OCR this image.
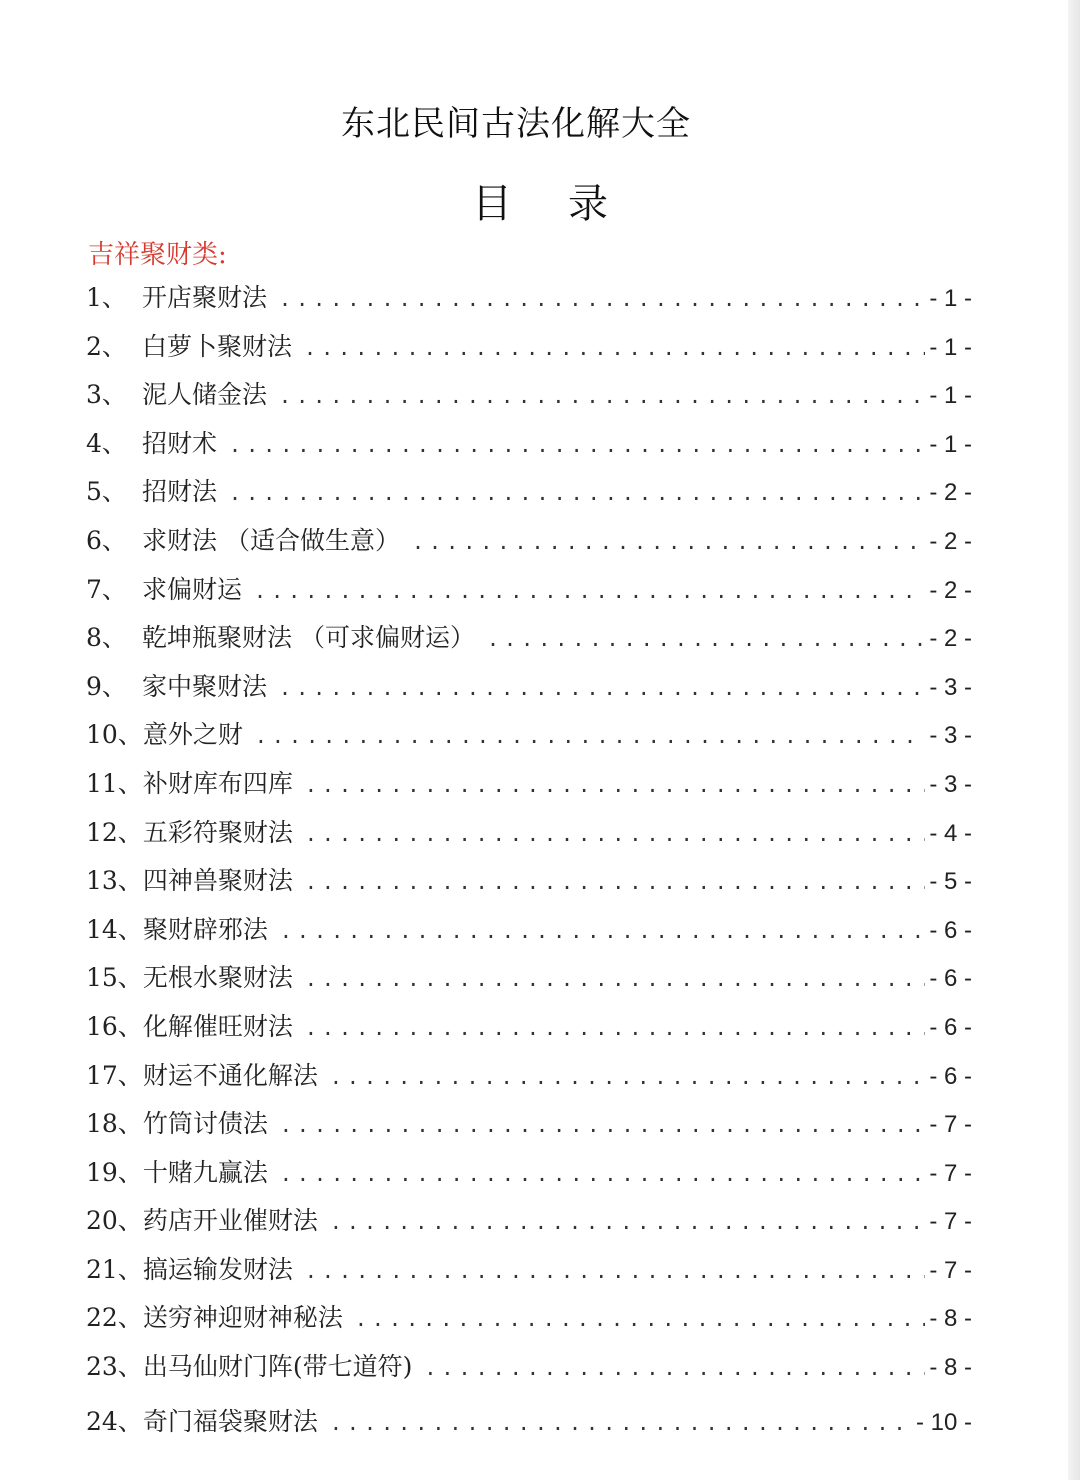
东北民间古法化解大全
目 录
吉祥聚财类:
1、 开店聚财法 . . .	- 1 -
2、 白萝卜聚财法 . . .	- 1 -
3、 泥人储金法 . . .	- 1 -
4、 招财术 . . .	- 1 -
5、 招财法 . . .	- 2 -
6、 求财法 （适合做生意） . . .	- 2 -
7、 求偏财运 . . .	- 2 -
8、 乾坤瓶聚财法 （可求偏财运） . . .	- 2 -
9、 家中聚财法 . . .	- 3 -
10、 意外之财 . . .	- 3 -
11、 补财库布四库 . . .	- 3 -
12、 五彩符聚财法 . . .	- 4 -
13、 四神兽聚财法 . . .	- 5 -
14、 聚财辟邪法 . . .	- 6 -
15、 无根水聚财法 . . .	- 6 -
16、 化解催旺财法 . . .	- 6 -
17、 财运不通化解法 . . .	- 6 -
18、 竹筒讨债法 . . .	- 7 -
19、 十赌九赢法 . . .	- 7 -
20、 药店开业催财法 . . .	- 7 -
21、 搞运输发财法 . . .	- 7 -
22、 送穷神迎财神秘法 . . .	- 8 -
23、 出马仙财门阵(带七道符) . . .	- 8 -
24、 奇门福袋聚财法 . . .	- 10 -
